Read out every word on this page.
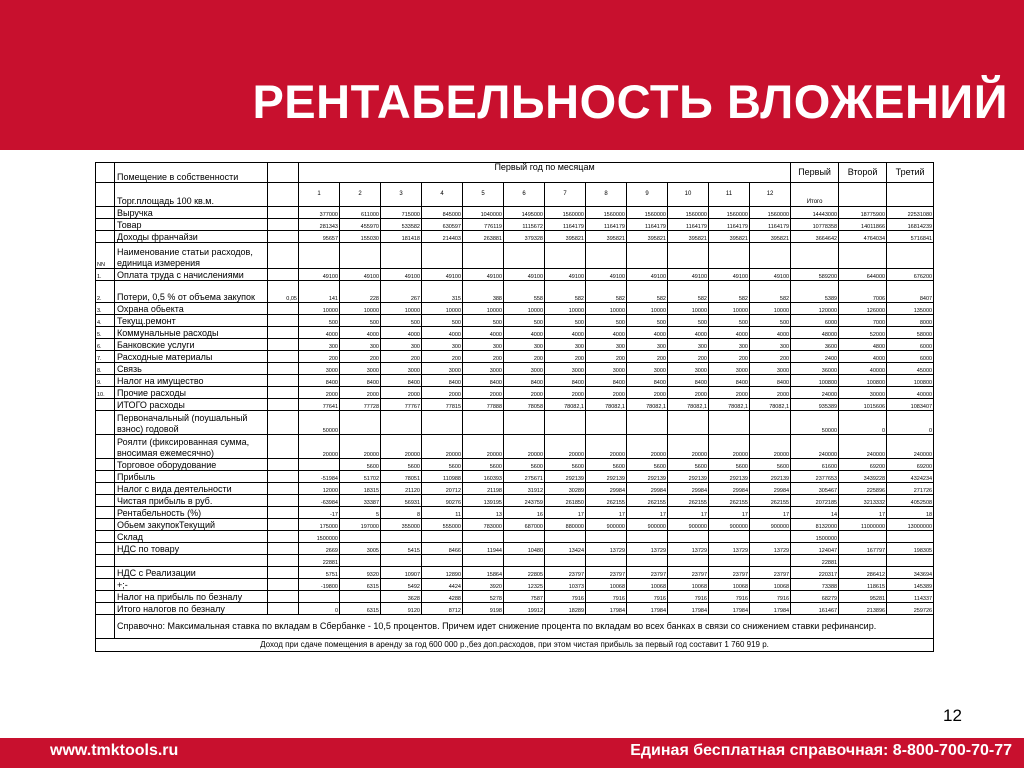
РЕНТАБЕЛЬНОСТЬ ВЛОЖЕНИЙ
	Помещение в собственности		Первый год по месяцам												Первый	Второй	Третий
	Торг.площадь 100 кв.м.		1	2	3	4	5	6	7	8	9	10	11	12	Итого		
	Выручка		377000	611000	715000	845000	1040000	1495000	1560000	1560000	1560000	1560000	1560000	1560000	14443000	18775900	22531080
	Товар		281343	455970	533582	630597	776119	1115672	1164179	1164179	1164179	1164179	1164179	1164179	10778358	14011866	16814239
	Доходы франчайзи		95657	155030	181418	214403	263881	379328	395821	395821	395821	395821	395821	395821	3664642	4764034	5716841
NN	Наименование статьи расходов, единица измерения																
1.	Оплата труда с начислениями		49100	49100	49100	49100	49100	49100	49100	49100	49100	49100	49100	49100	589200	644000	676200
2.	Потери, 0,5 % от объема закупок	0,05	141	228	267	315	388	558	582	582	582	582	582	582	5389	7006	8407
3.	Охрана обьекта		10000	10000	10000	10000	10000	10000	10000	10000	10000	10000	10000	10000	120000	126000	135000
4.	Текущ.ремонт		500	500	500	500	500	500	500	500	500	500	500	500	6000	7000	8000
5.	Коммунальные расходы		4000	4000	4000	4000	4000	4000	4000	4000	4000	4000	4000	4000	48000	52000	58000
6.	Банковские услуги		300	300	300	300	300	300	300	300	300	300	300	300	3600	4800	6000
7.	Расходные материалы		200	200	200	200	200	200	200	200	200	200	200	200	2400	4000	6000
8.	Связь		3000	3000	3000	3000	3000	3000	3000	3000	3000	3000	3000	3000	36000	40000	45000
9.	Налог на имущество		8400	8400	8400	8400	8400	8400	8400	8400	8400	8400	8400	8400	100800	100800	100800
10.	Прочие расходы		2000	2000	2000	2000	2000	2000	2000	2000	2000	2000	2000	2000	24000	30000	40000
	ИТОГО расходы		77641	77728	77767	77815	77888	78058	78082,1	78082,1	78082,1	78082,1	78082,1	78082,1	935389	1015606	1083407
	Первоначальный (поушальный взнос) годовой		50000												50000	0	0
	Роялти (фиксированная сумма, вносимая ежемесячно)		20000	20000	20000	20000	20000	20000	20000	20000	20000	20000	20000	20000	240000	240000	240000
	Торговое оборудование			5600	5600	5600	5600	5600	5600	5600	5600	5600	5600	5600	61600	69200	69200
	Прибыль		-51984	51702	78051	110988	160393	275671	292139	292139	292139	292139	292139	292139	2377653	3439228	4324234
	Налог с вида деятельности		12000	18315	21120	20712	21198	31912	30289	29984	29984	29984	29984	29984	305467	225896	271726
	Чистая прибыль в руб.		-63984	33387	56931	90276	139195	243759	261850	262155	262155	262155	262155	262155	2072185	3213332	4052508
	Рентабельность (%)		-17	5	8	11	13	16	17	17	17	17	17	17	14	17	18
	Обьем закупокТекущий		175000	197000	355000	555000	783000	687000	880000	900000	900000	900000	900000	900000	8132000	11000000	13000000
	Склад		1500000												1500000		
	НДС по товару		2669	3005	5415	8466	11944	10480	13424	13729	13729	13729	13729	13729	124047	167797	198305
			22881												22881		
	НДС с Реализации		5751	9320	10907	12890	15864	22805	23797	23797	23797	23797	23797	23797	220317	286412	343694
	+;-		-19800	6315	5492	4424	3920	12325	10373	10068	10068	10068	10068	10068	73388	118615	145389
	Налог на прибыль по безналу				3628	4288	5278	7587	7916	7916	7916	7916	7916	7916	68279	95281	114337
	Итого налогов по безналу		0	6315	9120	8712	9198	19912	18289	17984	17984	17984	17984	17984	161467	213896	259726
	Справочно: Максимальная ставка по вкладам в Сбербанке - 10,5 процентов. Причем идет снижение процента по вкладам во всех банках в связи со снижением ставки рефинансир.																
Доход при сдаче помещения в аренду за год 600 000 р.,без доп.расходов, при этом чистая прибыль за первый год составит 1 760 919 р.																	
12
www.tmktools.ru	Единая бесплатная справочная: 8-800-700-70-77
